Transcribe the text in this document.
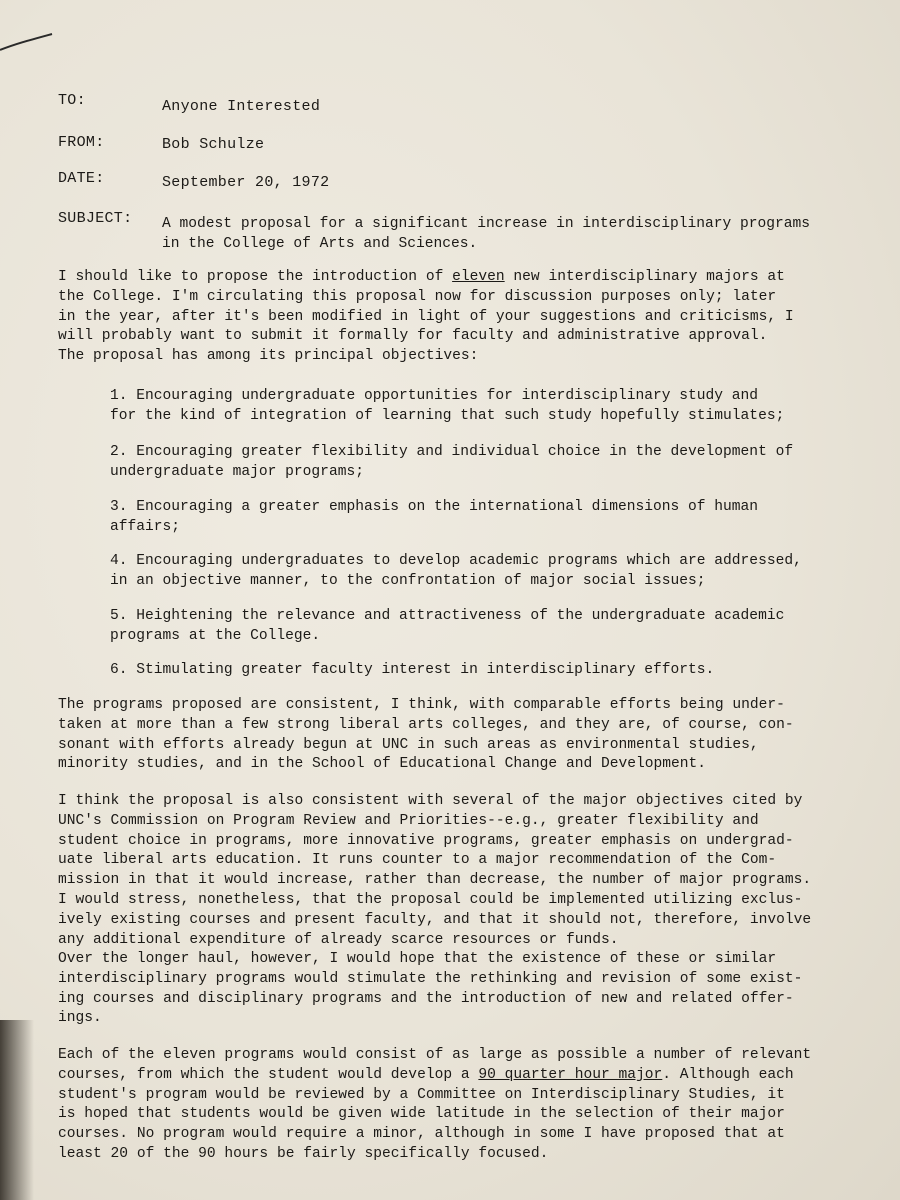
TO:	Anyone Interested
FROM:	Bob Schulze
DATE:	September 20, 1972
SUBJECT: A modest proposal for a significant increase in interdisciplinary programs
in the College of Arts and Sciences.

I should like to propose the introduction of eleven new interdisciplinary majors at
the College. I'm circulating this proposal now for discussion purposes only; later
in the year, after it's been modified in light of your suggestions and criticisms, I
will probably want to submit it formally for faculty and administrative approval.
The proposal has among its principal objectives:

1. Encouraging undergraduate opportunities for interdisciplinary study and
for the kind of integration of learning that such study hopefully stimulates;
2. Encouraging greater flexibility and individual choice in the development of
undergraduate major programs;
3. Encouraging a greater emphasis on the international dimensions of human
affairs;
4. Encouraging undergraduates to develop academic programs which are addressed,
in an objective manner, to the confrontation of major social issues;
5. Heightening the relevance and attractiveness of the undergraduate academic
programs at the College.
6. Stimulating greater faculty interest in interdisciplinary efforts.

The programs proposed are consistent, I think, with comparable efforts being under-
taken at more than a few strong liberal arts colleges, and they are, of course, con-
sonant with efforts already begun at UNC in such areas as environmental studies,
minority studies, and in the School of Educational Change and Development.

I think the proposal is also consistent with several of the major objectives cited by
UNC's Commission on Program Review and Priorities--e.g., greater flexibility and
student choice in programs, more innovative programs, greater emphasis on undergrad-
uate liberal arts education. It runs counter to a major recommendation of the Com-
mission in that it would increase, rather than decrease, the number of major programs.
I would stress, nonetheless, that the proposal could be implemented utilizing exclus-
ively existing courses and present faculty, and that it should not, therefore, involve
any additional expenditure of already scarce resources or funds.

Over the longer haul, however, I would hope that the existence of these or similar
interdisciplinary programs would stimulate the rethinking and revision of some exist-
ing courses and disciplinary programs and the introduction of new and related offer-
ings.

Each of the eleven programs would consist of as large as possible a number of relevant
courses, from which the student would develop a 90 quarter hour major. Although each
student's program would be reviewed by a Committee on Interdisciplinary Studies, it
is hoped that students would be given wide latitude in the selection of their major
courses. No program would require a minor, although in some I have proposed that at
least 20 of the 90 hours be fairly specifically focused.
